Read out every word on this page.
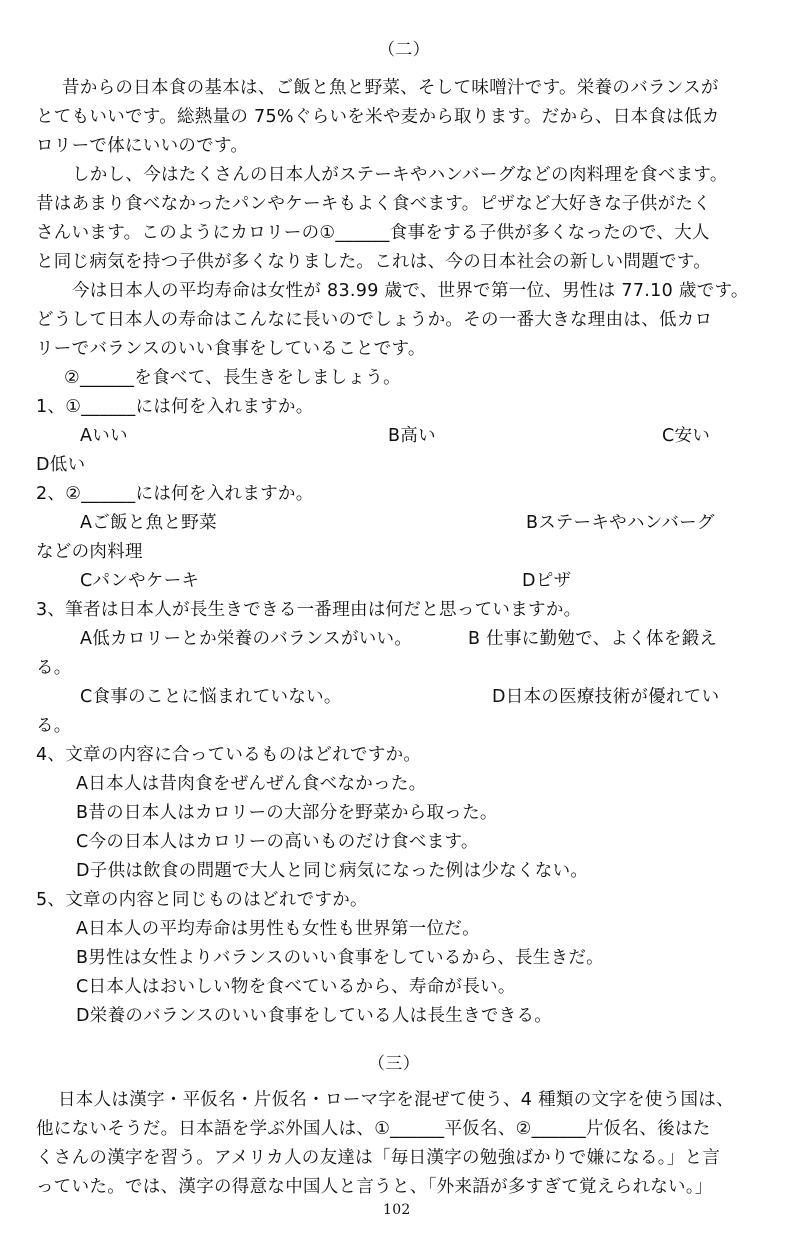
（二）
昔からの日本食の基本は、ご飯と魚と野菜、そして味噌汁です。栄養のバランスが
とてもいいです。総熱量の 75%ぐらいを米や麦から取ります。だから、日本食は低カ
ロリーで体にいいのです。
しかし、今はたくさんの日本人がステーキやハンバーグなどの肉料理を食べます。
昔はあまり食べなかったパンやケーキもよく食べます。ピザなど大好きな子供がたく
さんいます。このようにカロリーの①______食事をする子供が多くなったので、大人
と同じ病気を持つ子供が多くなりました。これは、今の日本社会の新しい問題です。
今は日本人の平均寿命は女性が 83.99 歳で、世界で第一位、男性は 77.10 歳です。
どうして日本人の寿命はこんなに長いのでしょうか。その一番大きな理由は、低カロ
リーでバランスのいい食事をしていることです。
②______を食べて、長生きをしましょう。
1、①______には何を入れますか。
Aいい	B高い	C安い
D低い
2、②______には何を入れますか。
Aご飯と魚と野菜	Bステーキやハンバーグ
などの肉料理
Cパンやケーキ	Dピザ
3、筆者は日本人が長生きできる一番理由は何だと思っていますか。
A低カロリーとか栄養のバランスがいい。	B 仕事に勤勉で、よく体を鍛え
る。
C食事のことに悩まれていない。	D日本の医療技術が優れてい
る。
4、文章の内容に合っているものはどれですか。
A日本人は昔肉食をぜんぜん食べなかった。
B昔の日本人はカロリーの大部分を野菜から取った。
C今の日本人はカロリーの高いものだけ食べます。
D子供は飲食の問題で大人と同じ病気になった例は少なくない。
5、文章の内容と同じものはどれですか。
A日本人の平均寿命は男性も女性も世界第一位だ。
B男性は女性よりバランスのいい食事をしているから、長生きだ。
C日本人はおいしい物を食べているから、寿命が長い。
D栄養のバランスのいい食事をしている人は長生きできる。
（三）
日本人は漢字・平仮名・片仮名・ローマ字を混ぜて使う、4 種類の文字を使う国は、
他にないそうだ。日本語を学ぶ外国人は、①______平仮名、②______片仮名、後はた
くさんの漢字を習う。アメリカ人の友達は「毎日漢字の勉強ばかりで嫌になる。」と言
っていた。では、漢字の得意な中国人と言うと、「外来語が多すぎて覚えられない。」
102
